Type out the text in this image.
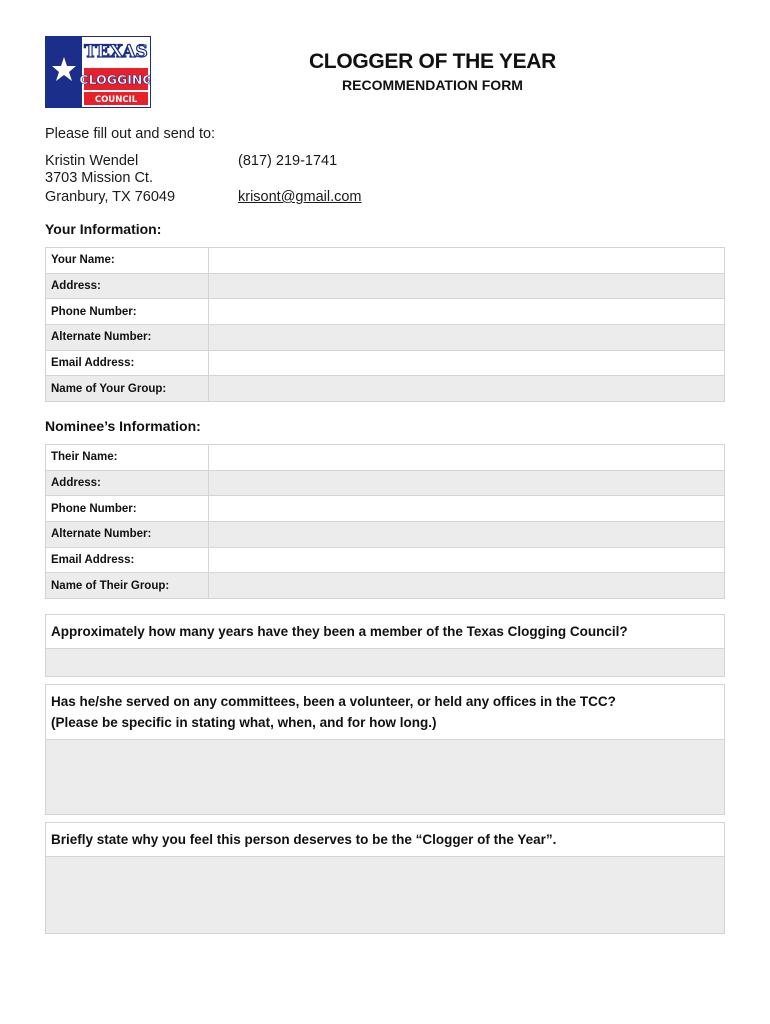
TEXAS
CLOGGING
COUNCIL
CLOGGER OF THE YEAR
RECOMMENDATION FORM
Please fill out and send to:
Kristin Wendel
3703 Mission Ct.
Granbury, TX 76049
(817) 219-1741
krisont@gmail.com
Your Information:
Your Name:	
Address:	
Phone Number:	
Alternate Number:	
Email Address:	
Name of Your Group:	
Nominee’s Information:
Their Name:	
Address:	
Phone Number:	
Alternate Number:	
Email Address:	
Name of Their Group:	
Approximately how many years have they been a member of the Texas Clogging Council?
Has he/she served on any committees, been a volunteer, or held any offices in the TCC?
(Please be specific in stating what, when, and for how long.)
Briefly state why you feel this person deserves to be the “Clogger of the Year”.
